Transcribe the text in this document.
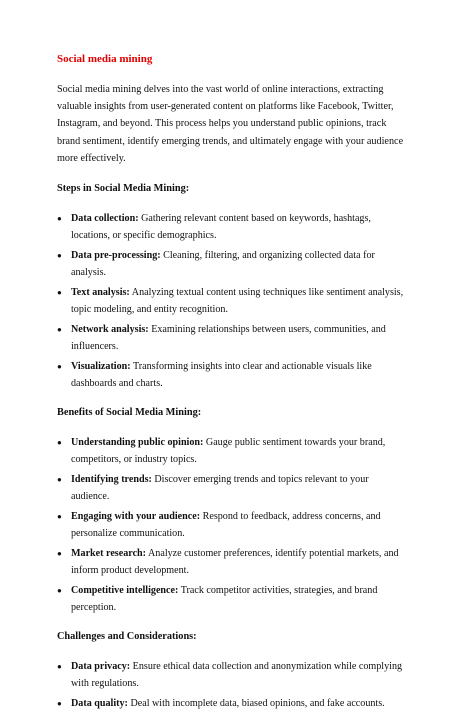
Social media mining

Social media mining delves into the vast world of online interactions, extracting valuable insights from user-generated content on platforms like Facebook, Twitter, Instagram, and beyond. This process helps you understand public opinions, track brand sentiment, identify emerging trends, and ultimately engage with your audience more effectively.

Steps in Social Media Mining:
● Data collection: Gathering relevant content based on keywords, hashtags, locations, or specific demographics.
● Data pre-processing: Cleaning, filtering, and organizing collected data for analysis.
● Text analysis: Analyzing textual content using techniques like sentiment analysis, topic modeling, and entity recognition.
● Network analysis: Examining relationships between users, communities, and influencers.
● Visualization: Transforming insights into clear and actionable visuals like dashboards and charts.
Benefits of Social Media Mining:
● Understanding public opinion: Gauge public sentiment towards your brand, competitors, or industry topics.
● Identifying trends: Discover emerging trends and topics relevant to your audience.
● Engaging with your audience: Respond to feedback, address concerns, and personalize communication.
● Market research: Analyze customer preferences, identify potential markets, and inform product development.
● Competitive intelligence: Track competitor activities, strategies, and brand perception.
Challenges and Considerations:
● Data privacy: Ensure ethical data collection and anonymization while complying with regulations.
● Data quality: Deal with incomplete data, biased opinions, and fake accounts.
